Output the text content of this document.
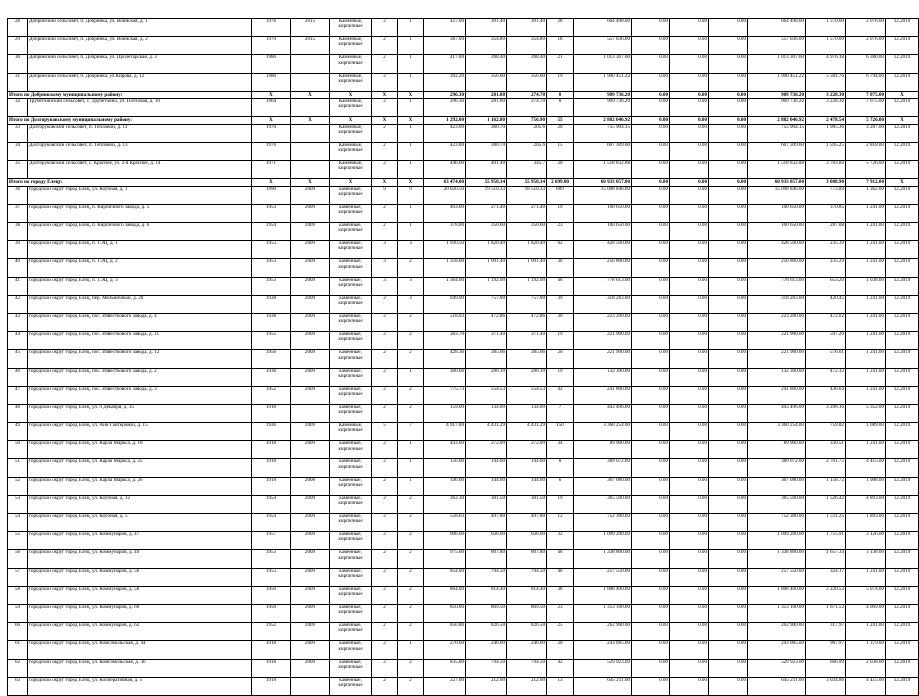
28	Добринский сельсовет, п. Добринка, ул. Воинская, д. 1	1976	2015	Каменные, кирпичные	2	1	427.00	391.40	391.40	28	664 498.00	0.00	0.00	0.00	664 498.00	1 570.00	2 076.00	12.2019
29	Добринский сельсовет, п. Добринка, ул. Воинская, д. 2	1970	2015	Каменные, кирпичные	2	1	387.60	354.80	354.80	18	557 036.00	0.00	0.00	0.00	557 036.00	1 570.00	2 076.00	12.2019
30	Добринский сельсовет, п. Добринка, ул. Пролетарская, д. 3	1980		Каменные, кирпичные	2	1	417.00	398.40	398.40	21	1 013 307.60	0.00	0.00	0.00	1 013 307.60	4 976.18	6 380.00	12.2019
31	Добринский сельсовет, п. Добринка, ул.Кирова, д. 12	1980		Каменные, кирпичные	2	1	392.20	356.60	356.60	19	1 990 451.22	0.00	0.00	0.00	1 990 451.22	5 581.76	6 794.00	12.2019
Итого по Добринскому муниципальному району:		X	X	X	X	X	296.30	281.80	274.70	8	909 736.20	0.00	0.00	0.00	909 736.20	3 228.30	7 075.00	X
32	Трубетчинский сельсовет, с. Трубетчино, ул. Почтовая, д. 10	1964		Каменные, кирпичные	2	1	296.30	281.80	274.70	8	909 736.20	0.00	0.00	0.00	909 736.20	3 228.30	7 075.00	12.2019
Итого по Долгоруковскому муниципальному району:		X	X	X	X	X	1 292.00	1 162.80	756.90	55	2 882 046.92	0.00	0.00	0.00	2 882 046.92	2 478.54	5 726.00	X
33	Долгоруковский сельсовет, п. Тепловой, д. 11	1970		Каменные, кирпичные	2	1	423.00	360.70	205.6	20	755 904.15	0.00	0.00	0.00	755 904.15	1 985.36	3 287.00	12.2019
34	Долгоруковский сельсовет, п. Тепловой, д. 13	1970		Каменные, кирпичные	2	1	423.00	380.70	205.6	15	607 309.60	0.00	0.00	0.00	607 309.60	1 595.25	2 818.00	12.2019
35	Долгоруковский сельсовет, с. Красное, ул. 2-я Красное, д. 14	1971		Каменные, кирпичные	2	1	446.00	401.40	345.7	20	1 518 832.88	0.00	0.00	0.00	1 518 832.88	3 783.84	5 726.00	12.2019
Итого по городу Елецу:		X	X	X	X	X	63 474.00	55 958.14	55 958.14	2 699.00	60 933 057.00	0.00	0.00	0.00	60 933 057.00	3 088.90	7 912.00	X
36	городской округ город Елец, ул. Коубная, д. 1	1990	2009	каменные, кирпичные	9	9	20 020.50	19 510.33	18 510.33	609	15 098 846.00	0.00	0.00	0.00	15 098 846.00	773.89	1 362.00	12.2019
37	городской округ город Елец, п. Кирпичного завода, д. 5	1953	2009	каменные, кирпичные	2	1	493.00	271.40	271.40	19	100 650.00	0.00	0.00	0.00	100 650.00	370.85	1 241.00	12.2019
38	городской округ город Елец, п. Кирпичного завода, д. 6	1954	2009	каменные, кирпичные	2	1	378.00	350.60	350.60	23	100 650.00	0.00	0.00	0.00	100 650.00	287.08	1 241.00	12.2019
39	городской округ город Елец, п. ТЭЦ, д. 1	1953	2009	каменные, кирпичные	3	3	1 930.50	1 820.40	1 820.40	62	428 500.00	0.00	0.00	0.00	428 500.00	235.39	1 241.00	12.2019
40	городской округ город Елец, п. ТЭЦ, д. 2	1953	2009	каменные, кирпичные	3	2	1 358.00	1 091.40	1 091.40	36	256 800.00	0.00	0.00	0.00	256 800.00	235.29	1 241.00	12.2019
41	городской округ город Елец, п. ТЭЦ, д. 3	1953	2009	каменные, кирпичные	3	3	1 364.00	1 192.00	1 192.00	46	778 613.00	0.00	0.00	0.00	778 613.00	653.20	1 038.00	12.2019
42	городской округ город Елец, пер. Мельничный, д. 20	1938	2009	каменные, кирпичные	2	3	949.00	757.00	757.00	39	318 283.00	0.00	0.00	0.00	318 283.00	420.45	1 241.00	12.2019
43	городской округ город Елец, пос. Известкового завода, д. 4	1938	2009	каменные, кирпичные	2	2	518.03	472.86	472.86	30	223 200.00	0.00	0.00	0.00	223 200.00	472.02	1 241.00	12.2019
44	городской округ город Елец, пос. Известкового завода, д. 11	1955	2009	каменные, кирпичные	2	2	383.70	371.40	371.40	19	221 900.00	0.00	0.00	0.00	221 900.00	597.20	1 241.00	12.2019
45	городской округ город Елец, пос. Известкового завода, д. 12	1956	2009	каменные, кирпичные	2	2	428.36	385.06	385.06	20	221 900.00	0.00	0.00	0.00	221 900.00	576.01	1 241.00	12.2019
46	городской округ город Елец, пос. Известкового завода, д. 2	1936	2009	каменные, кирпичные	2	1	300.66	280.10	280.10	19	132 300.00	0.00	0.00	0.00	132 300.00	472.33	1 241.00	12.2019
47	городской округ город Елец, пос. Известкового завода, д. 3	1952	2009	каменные, кирпичные	2	2	775.73	554.53	554.53	42	241 800.00	0.00	0.00	0.00	241 800.00	436.04	1 241.00	12.2019
48	городской округ город Елец, ул. 9 Декабря, д. 35	1918		каменные, кирпичные	2	2	159.00	134.00	134.00	7	443 496.00	0.00	0.00	0.00	443 496.00	3 296.16	5 352.00	12.2019
49	городской округ город Елец, ул. Ани Гайтеровой, д. 15	1936	2009	Каменные, кирпичные	5	7	4 917.00	4 431.29	4 431.29	150	3 360 254.00	0.00	0.00	0.00	3 360 254.00	759.82	1 089.00	12.2019
50	городской округ город Елец, ул. Карла Маркса, д. 18	1918	2009	каменные, кирпичные	2	1	443.00	272.00	272.00	34	89 900.00	0.00	0.00	0.00	89 900.00	330.51	1 241.00	12.2019
51	городской округ город Елец, ул. Карла Маркса, д. 25	1918		каменные, кирпичные	2	1	156.00	144.00	144.00	8	389 072.00	0.00	0.00	0.00	389 072.00	2 701.75	4 415.00	12.2019
52	городской округ город Елец, ул. Карла Маркса, д. 26	1918	2008	каменные, кирпичные	2	1	196.00	144.00	144.00	6	367 080.00	0.00	0.00	0.00	367 080.00	1 158.72	1 988.00	12.2019
53	городской округ город Елец, ул. Коубная, д. 12	1954	2009	каменные, кирпичные	2	2	362.30	301.50	301.50	19	365 500.00	0.00	0.00	0.00	365 500.00	1 526.42	4 893.00	12.2019
54	городской округ город Елец, ул. Коубная, д. 5	1954	2009	каменные, кирпичные	2	2	558.63	497.80	497.80	12	752 300.00	0.00	0.00	0.00	752 300.00	1 511.25	1 893.00	12.2019
55	городской округ город Елец, ул. Коммунаров, д. 47	1957	2009	каменные, кирпичные	2	2	906.00	626.00	626.00	32	1 099 200.00	0.00	0.00	0.00	1 099 200.00	1 755.91	3 126.00	12.2019
56	городской округ город Елец, ул. Коммунаров, д. 49	1953	2009	каменные, кирпичные	2	2	975.00	807.80	807.80	46	1 338 800.00	0.00	0.00	0.00	1 338 800.00	1 657.34	3 138.00	12.2019
57	городской округ город Елец, ул. Коммунаров, д. 56	1953	2009	каменные, кирпичные	2	2	854.00	794.50	794.50	46	257 550.00	0.00	0.00	0.00	257 550.00	324.17	1 241.00	12.2019
58	городской округ город Елец, ул. Коммунаров, д. 58	1950	2009	каменные, кирпичные	2	2	864.00	814.40	814.40	38	1 808 400.00	0.00	0.00	0.00	1 808 400.00	2 220.53	5 074.00	12.2019
59	городской округ город Елец, ул. Коммунаров, д. 60	1950	2009	каменные, кирпичные	2	2	850.80	809.50	809.50	23	1 353 100.00	0.00	0.00	0.00	1 353 100.00	1 671.53	4 069.00	12.2019
60	городской округ город Елец, ул. Коммунаров, д. 62	1952	2009	каменные, кирпичные	2	2	850.80	826.50	826.50	25	262 900.00	0.00	0.00	0.00	262 900.00	317.97	1 241.00	12.2019
61	городской округ город Елец, ул. Комсомольская, д. 44	1918	2009	каменные, кирпичные	2	1	270.60	246.00	246.00	20	243 085.00	0.00	0.00	0.00	243 085.00	987.97	1 379.00	12.2019
62	городской округ город Елец, ул. Комсомольская, д. 36	1918	2009	каменные, кирпичные	2	2	835.00	794.50	794.50	42	529 923.00	0.00	0.00	0.00	529 923.00	666.99	2 038.00	12.2019
63	городской округ город Елец, ул. Кооперативная, д. 5	1918		каменные, кирпичные	2	2	227.00	212.60	212.60	13	645 211.00	0.00	0.00	0.00	645 211.00	3 034.86	4 415.00	12.2019
